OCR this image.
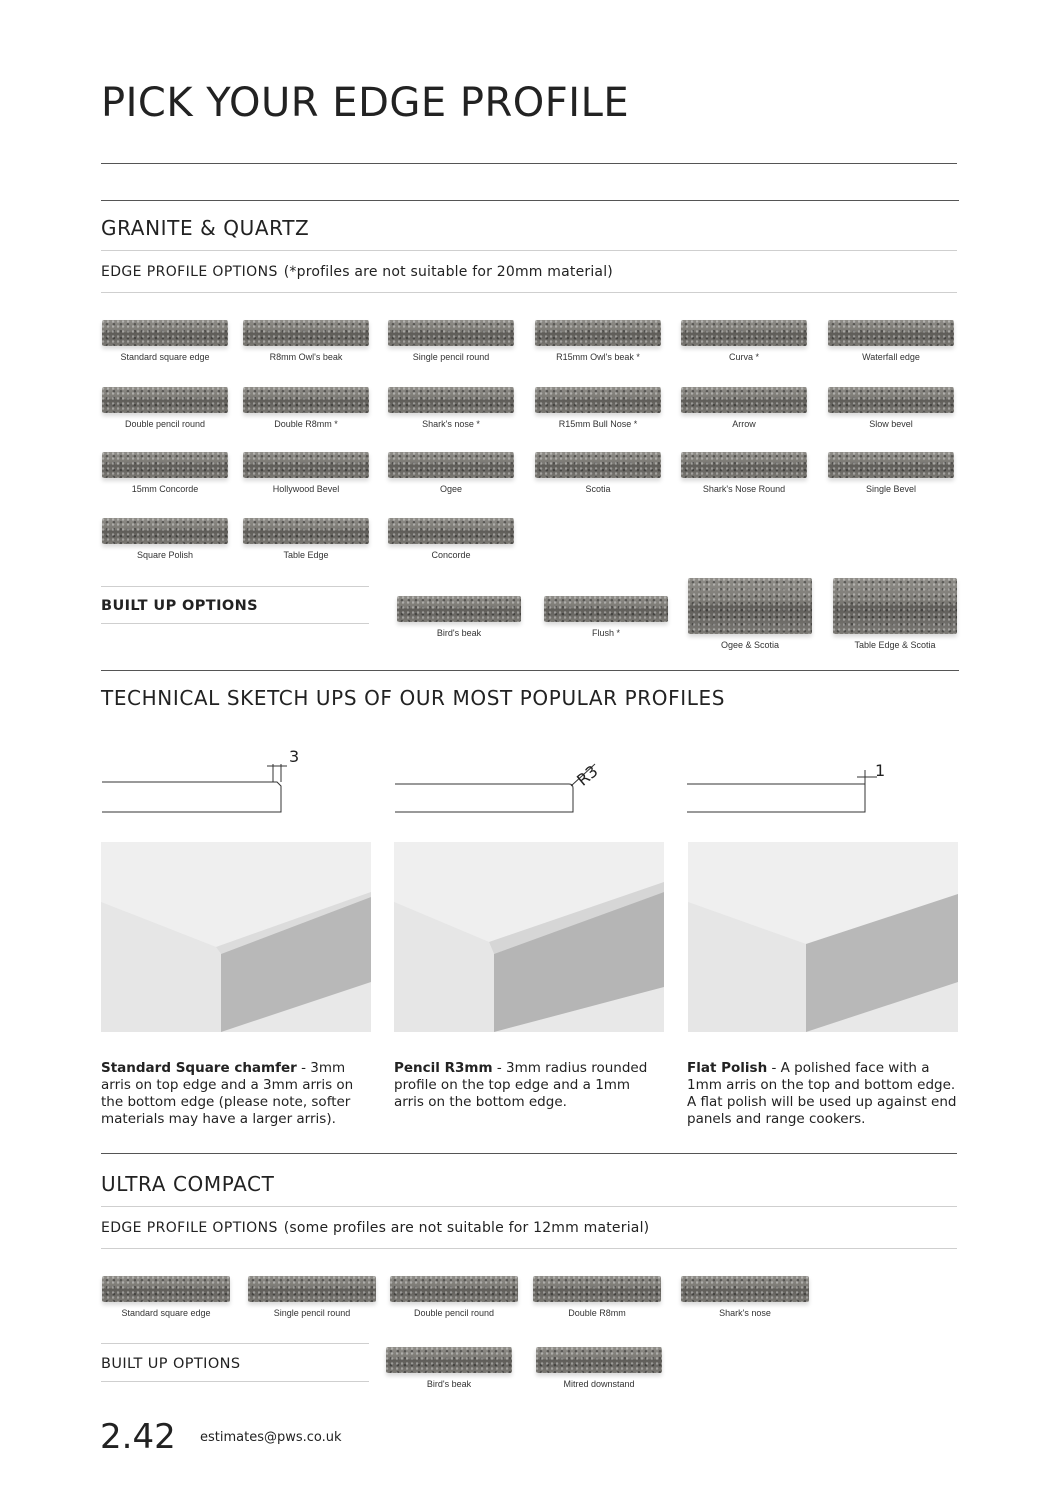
PICK YOUR EDGE PROFILE
GRANITE & QUARTZ
EDGE PROFILE OPTIONS (*profiles are not suitable for 20mm material)
Standard square edge	R8mm Owl's beak	Single pencil round	R15mm Owl's beak *	Curva *	Waterfall edge
Double pencil round	Double R8mm *	Shark's nose *	R15mm Bull Nose *	Arrow	Slow bevel
15mm Concorde	Hollywood Bevel	Ogee	Scotia	Shark's Nose Round	Single Bevel
Square Polish	Table Edge	Concorde
BUILT UP OPTIONS
Bird's beak	Flush *
Ogee & Scotia	Table Edge & Scotia
TECHNICAL SKETCH UPS OF OUR MOST POPULAR PROFILES
3
R3	1
Standard Square chamfer - 3mm arris on top edge and a 3mm arris on the bottom edge (please note, softer materials may have a larger arris).
Pencil R3mm - 3mm radius rounded profile on the top edge and a 1mm arris on the bottom edge.
Flat Polish - A polished face with a 1mm arris on the top and bottom edge. A flat polish will be used up against end panels and range cookers.
ULTRA COMPACT
EDGE PROFILE OPTIONS (some profiles are not suitable for 12mm material)
Standard square edge	Single pencil round	Double pencil round	Double R8mm	Shark's nose
BUILT UP OPTIONS
Bird's beak	Mitred downstand
2.42 estimates@pws.co.uk
